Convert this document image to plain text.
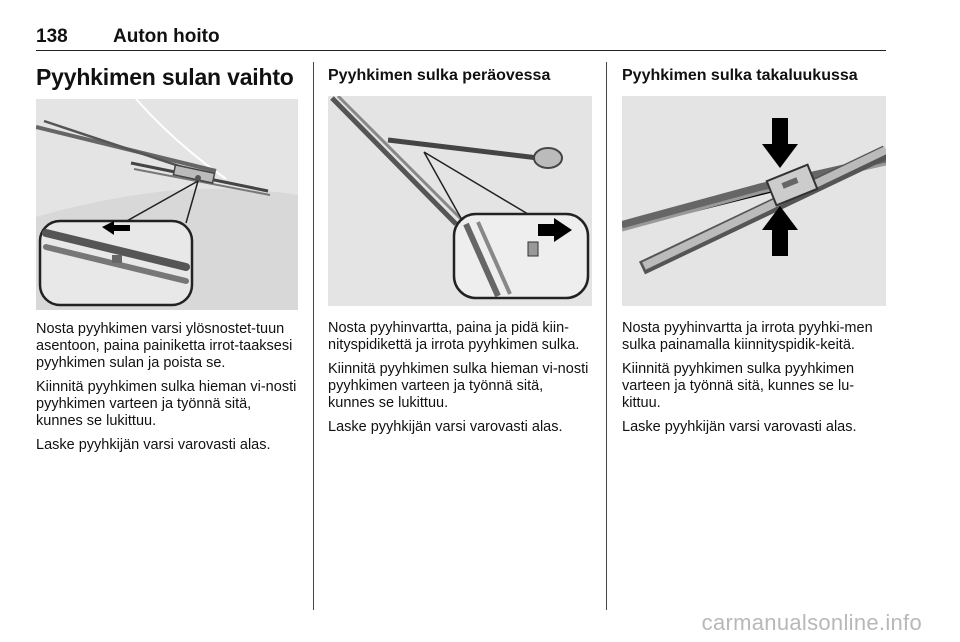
138 Auton hoito
Pyyhkimen sulan vaihto

Nosta pyyhkimen varsi ylösnostet-tuun asentoon, paina painiketta irrot-taaksesi pyyhkimen sulan ja poista se.

Kiinnitä pyyhkimen sulka hieman vi-nosti pyyhkimen varteen ja työnnä sitä, kunnes se lukittuu.

Laske pyyhkijän varsi varovasti alas.

Pyyhkimen sulka peräovessa

Nosta pyyhinvartta, paina ja pidä kiin-nityspidikettä ja irrota pyyhkimen sulka.

Kiinnitä pyyhkimen sulka hieman vi-nosti pyyhkimen varteen ja työnnä sitä, kunnes se lukittuu.

Laske pyyhkijän varsi varovasti alas.

Pyyhkimen sulka takaluukussa

Nosta pyyhinvartta ja irrota pyyhki-men sulka painamalla kiinnityspidik-keitä.

Kiinnitä pyyhkimen sulka pyyhkimen varteen ja työnnä sitä, kunnes se lu-kittuu.

Laske pyyhkijän varsi varovasti alas.

carmanualsonline.info
